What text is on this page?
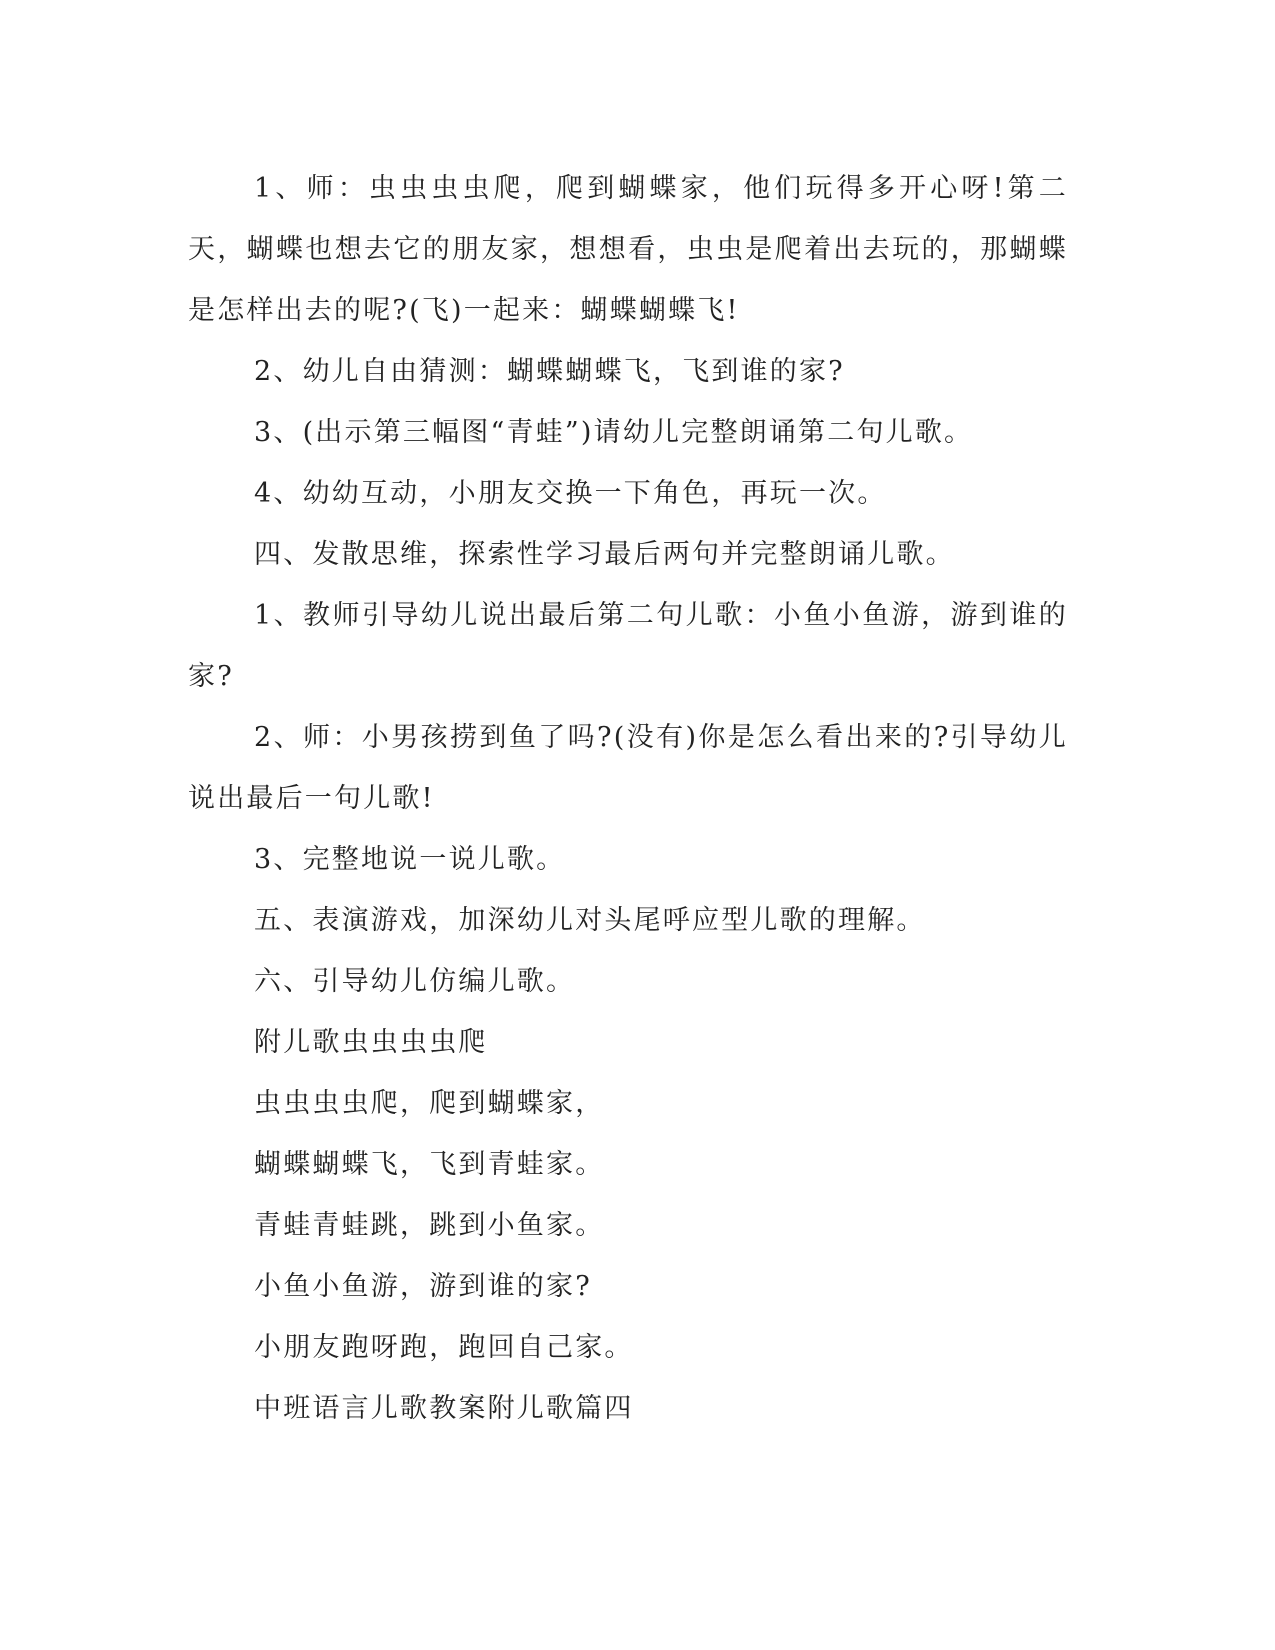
1、师：虫虫虫虫爬，爬到蝴蝶家，他们玩得多开心呀!第二天，蝴蝶也想去它的朋友家，想想看，虫虫是爬着出去玩的，那蝴蝶是怎样出去的呢?(飞)一起来：蝴蝶蝴蝶飞!

2、幼儿自由猜测：蝴蝶蝴蝶飞，飞到谁的家?

3、(出示第三幅图“青蛙”)请幼儿完整朗诵第二句儿歌。

4、幼幼互动，小朋友交换一下角色，再玩一次。

四、发散思维，探索性学习最后两句并完整朗诵儿歌。

1、教师引导幼儿说出最后第二句儿歌：小鱼小鱼游，游到谁的家?

2、师：小男孩捞到鱼了吗?(没有)你是怎么看出来的?引导幼儿说出最后一句儿歌!

3、完整地说一说儿歌。

五、表演游戏，加深幼儿对头尾呼应型儿歌的理解。

六、引导幼儿仿编儿歌。

附儿歌虫虫虫虫爬

虫虫虫虫爬，爬到蝴蝶家，

蝴蝶蝴蝶飞，飞到青蛙家。

青蛙青蛙跳，跳到小鱼家。

小鱼小鱼游，游到谁的家?

小朋友跑呀跑，跑回自己家。

中班语言儿歌教案附儿歌篇四
